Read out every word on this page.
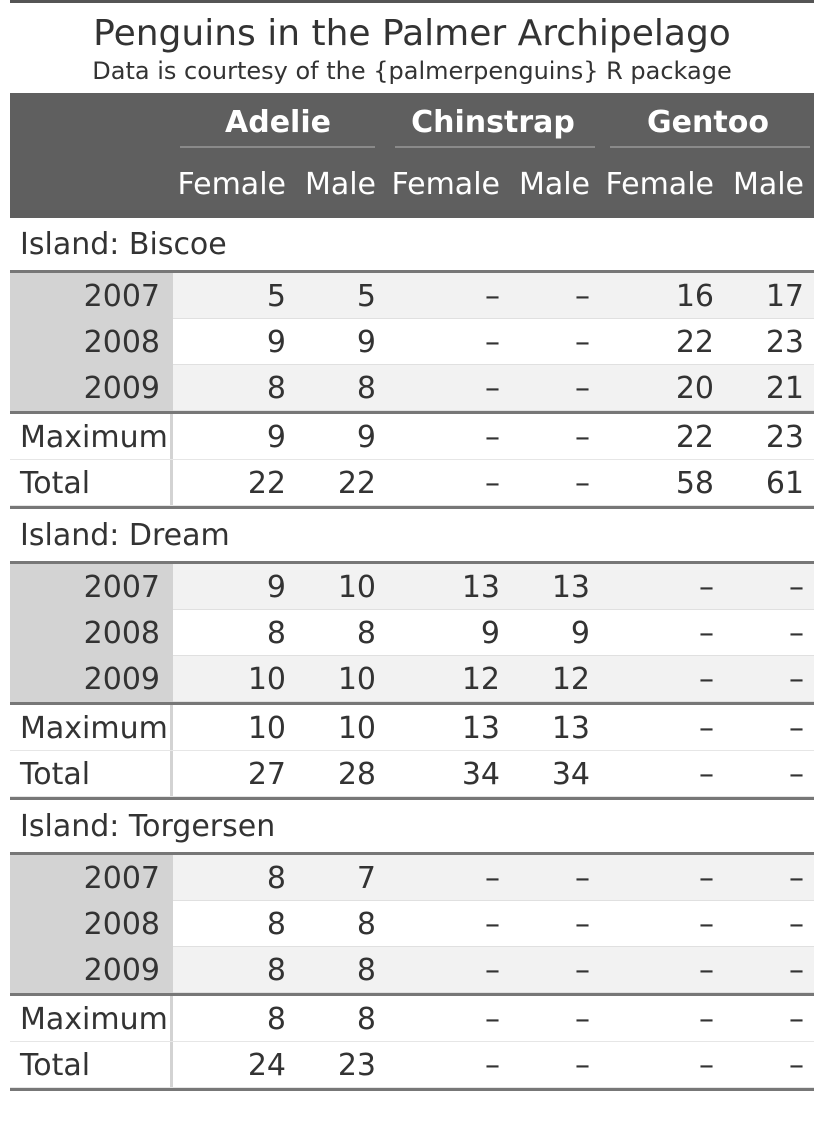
Penguins in the Palmer Archipelago
Data is courtesy of the {palmerpenguins} R package
Adelie	Chinstrap	Gentoo
Female Male Female Male Female Male
Island: Biscoe
2007	5 5	–	–	16 17
2008	9 9	–	–	22 23
2009	8 8	–	–	20 21
Maximum	9 9	–	–	22 23
Total	22 22	–	–	58 61
Island: Dream
2007	9 10	13 13	–	–
2008	8 8	9 9	–	–
2009	10 10	12 12	–	–
Maximum	10 10	13 13	–	–
Total	27 28	34 34	–	–
Island: Torgersen
2007	8 7	–	–	–	–
2008	8 8	–	–	–	–
2009	8 8	–	–	–	–
Maximum	8 8	–	–	–	–
Total	24 23	–	–	–	–
